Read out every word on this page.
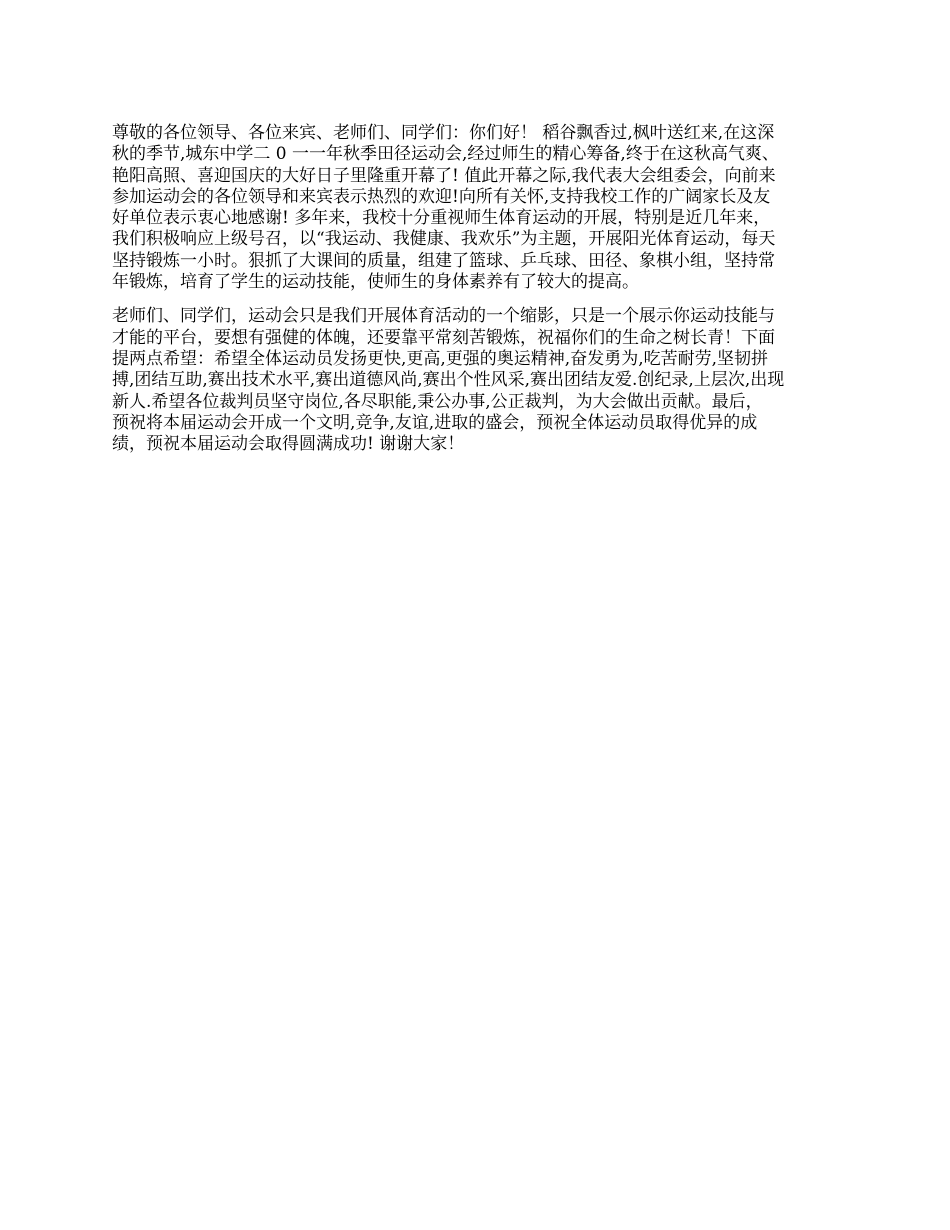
尊敬的各位领导、各位来宾、老师们、同学们：你们好！ 稻谷飘香过,枫叶送红来,在这深
秋的季节,城东中学二 0 一一年秋季田径运动会,经过师生的精心筹备,终于在这秋高气爽、
艳阳高照、喜迎国庆的大好日子里隆重开幕了! 值此开幕之际,我代表大会组委会，向前来
参加运动会的各位领导和来宾表示热烈的欢迎!向所有关怀,支持我校工作的广阔家长及友
好单位表示衷心地感谢! 多年来，我校十分重视师生体育运动的开展，特别是近几年来，
我们积极响应上级号召，以“我运动、我健康、我欢乐”为主题，开展阳光体育运动，每天
坚持锻炼一小时。狠抓了大课间的质量，组建了篮球、乒乓球、田径、象棋小组，坚持常
年锻炼，培育了学生的运动技能，使师生的身体素养有了较大的提高。

老师们、同学们，运动会只是我们开展体育活动的一个缩影，只是一个展示你运动技能与
才能的平台，要想有强健的体魄，还要靠平常刻苦锻炼，祝福你们的生命之树长青！下面
提两点希望：希望全体运动员发扬更快,更高,更强的奥运精神,奋发勇为,吃苦耐劳,坚韧拼
搏,团结互助,赛出技术水平,赛出道德风尚,赛出个性风采,赛出团结友爱.创纪录,上层次,出现
新人.希望各位裁判员坚守岗位,各尽职能,秉公办事,公正裁判，为大会做出贡献。最后，
预祝将本届运动会开成一个文明,竞争,友谊,进取的盛会，预祝全体运动员取得优异的成
绩，预祝本届运动会取得圆满成功! 谢谢大家！
